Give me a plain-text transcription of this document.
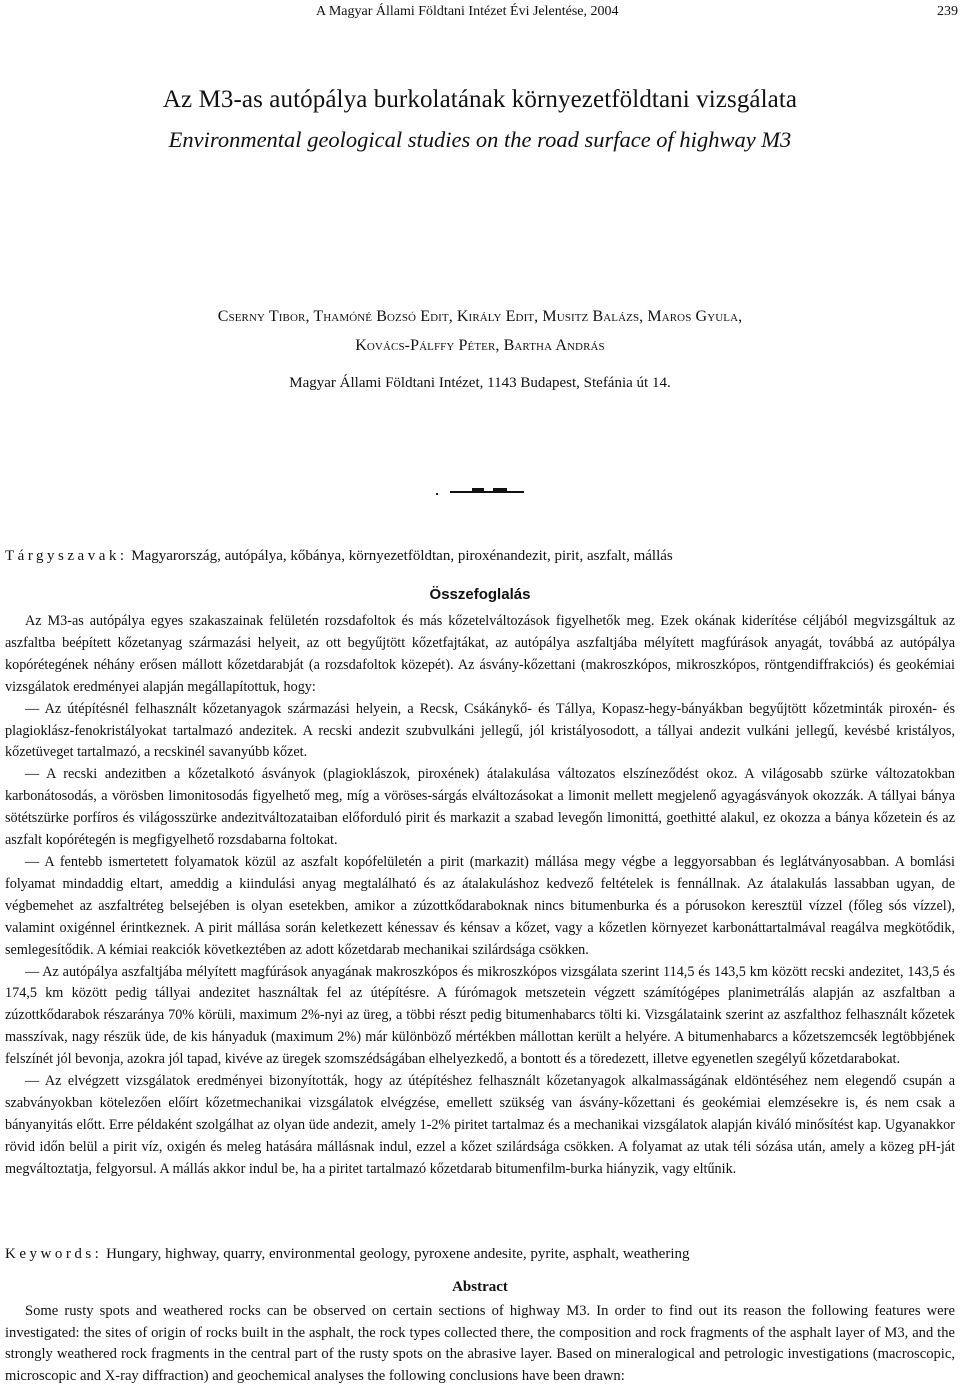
A Magyar Állami Földtani Intézet Évi Jelentése, 2004	239
Az M3-as autópálya burkolatának környezetföldtani vizsgálata
Environmental geological studies on the road surface of highway M3
Cserny Tibor, Thamóné Bozsó Edit, Király Edit, Musitz Balázs, Maros Gyula,
Kovács-Pálffy Péter, Bartha András
Magyar Állami Földtani Intézet, 1143 Budapest, Stefánia út 14.
Tárgyszavak: Magyarország, autópálya, kőbánya, környezetföldtan, piroxénandezit, pirit, aszfalt, mállás
Összefoglalás

Az M3-as autópálya egyes szakaszainak felületén rozsdafoltok és más kőzetelváltozások figyelhetők meg. Ezek okának kiderítése céljából megvizsgáltuk az aszfaltba beépített kőzetanyag származási helyeit, az ott begyűjtött kőzetfajtákat, az autópálya aszfaltjába mélyített magfúrások anyagát, továbbá az autópálya kopórétegének néhány erősen mállott kőzetdarabját (a rozsdafoltok közepét). Az ásvány-kőzettani (makroszkópos, mikroszkópos, röntgendiffrakciós) és geokémiai vizsgálatok eredményei alapján megállapítottuk, hogy:

— Az útépítésnél felhasznált kőzetanyagok származási helyein, a Recsk, Csákánykő- és Tállya, Kopasz-hegy-bányákban begyűjtött kőzetminták piroxén- és plagioklász-fenokristályokat tartalmazó andezitek. A recski andezit szubvulkáni jellegű, jól kristályosodott, a tállyai andezit vulkáni jellegű, kevésbé kristályos, kőzetüveget tartalmazó, a recskinél savanyúbb kőzet.

— A recski andezitben a kőzetalkotó ásványok (plagioklászok, piroxének) átalakulása változatos elszíneződést okoz. A világosabb szürke változatokban karbonátosodás, a vörösben limonitosodás figyelhető meg, míg a vöröses-sárgás elváltozásokat a limonit mellett megjelenő agyagásványok okozzák. A tállyai bánya sötétszürke porfíros és világosszürke andezitváltozataiban előforduló pirit és markazit a szabad levegőn limonittá, goethitté alakul, ez okozza a bánya kőzetein és az aszfalt kopórétegén is megfigyelhető rozsdabarna foltokat.

— A fentebb ismertetett folyamatok közül az aszfalt kopófelületén a pirit (markazit) mállása megy végbe a leggyorsabban és leglátványosabban. A bomlási folyamat mindaddig eltart, ameddig a kiindulási anyag megtalálható és az átalakuláshoz kedvező feltételek is fennállnak. Az átalakulás lassabban ugyan, de végbemehet az aszfaltréteg belsejében is olyan esetekben, amikor a zúzottkődaraboknak nincs bitumenburka és a pórusokon keresztül vízzel (főleg sós vízzel), valamint oxigénnel érintkeznek. A pirit mállása során keletkezett kénessav és kénsav a kőzet, vagy a kőzetlen környezet karbonáttartalmával reagálva megkötődik, semlegesítődik. A kémiai reakciók következtében az adott kőzetdarab mechanikai szilárdsága csökken.

— Az autópálya aszfaltjába mélyített magfúrások anyagának makroszkópos és mikroszkópos vizsgálata szerint 114,5 és 143,5 km között recski andezitet, 143,5 és 174,5 km között pedig tállyai andezitet használtak fel az útépítésre. A fúrómagok metszetein végzett számítógépes planimetrálás alapján az aszfaltban a zúzottkődarabok részaránya 70% körüli, maximum 2%-nyi az üreg, a többi részt pedig bitumenhabarcs tölti ki. Vizsgálataink szerint az aszfalthoz felhasznált kőzetek masszívak, nagy részük üde, de kis hányaduk (maximum 2%) már különböző mértékben mállottan került a helyére. A bitumenhabarcs a kőzetszemcsék legtöbbjének felszínét jól bevonja, azokra jól tapad, kivéve az üregek szomszédságában elhelyezkedő, a bontott és a töredezett, illetve egyenetlen szegélyű kőzetdarabokat.

— Az elvégzett vizsgálatok eredményei bizonyították, hogy az útépítéshez felhasznált kőzetanyagok alkalmasságának eldöntéséhez nem elegendő csupán a szabványokban kötelezően előírt kőzetmechanikai vizsgálatok elvégzése, emellett szükség van ásvány-kőzettani és geokémiai elemzésekre is, és nem csak a bányanyitás előtt. Erre példaként szolgálhat az olyan üde andezit, amely 1-2% piritet tartalmaz és a mechanikai vizsgálatok alapján kiváló minősítést kap. Ugyanakkor rövid időn belül a pirit víz, oxigén és meleg hatására mállásnak indul, ezzel a kőzet szilárdsága csökken. A folyamat az utak téli sózása után, amely a közeg pH-ját megváltoztatja, felgyorsul. A mállás akkor indul be, ha a piritet tartalmazó kőzetdarab bitumenfilm-burka hiányzik, vagy eltűnik.

Keywords: Hungary, highway, quarry, environmental geology, pyroxene andesite, pyrite, asphalt, weathering
Abstract

Some rusty spots and weathered rocks can be observed on certain sections of highway M3. In order to find out its reason the following features were investigated: the sites of origin of rocks built in the asphalt, the rock types collected there, the composition and rock fragments of the asphalt layer of M3, and the strongly weathered rock fragments in the central part of the rusty spots on the abrasive layer. Based on mineralogical and petrologic investigations (macroscopic, microscopic and X-ray diffraction) and geochemical analyses the following conclusions have been drawn:
